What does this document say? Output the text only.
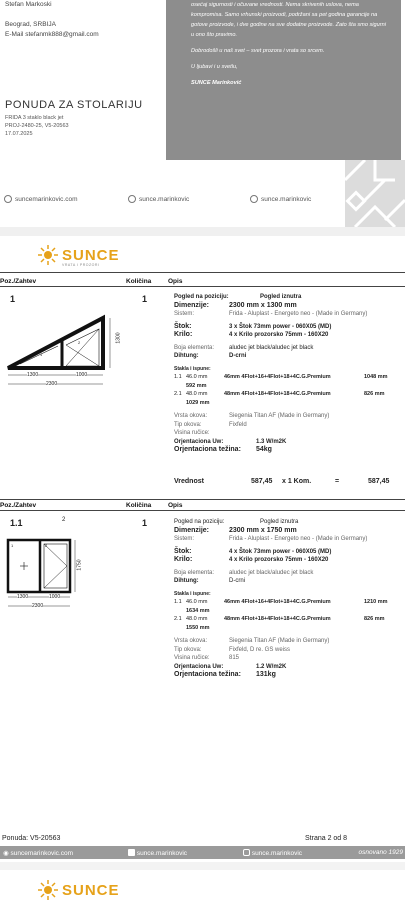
Stefan Markoski
Beograd, SRBIJA
E-Mail stefanmk888@gmail.com

osećaj sigurnosti i očuvane vrednosti. Nema skrivenih uslova, nema kompromisa. Samo vrhunski proizvodi, podržani sa pet godina garancije na gotove proizvode, i dve godine na sve dodatne proizvode. Zato šta smo sigurni u ono što pravimo.

Dobrodošli u naš svet – svet prozora i vrata so srcem.

U ljubavi i u svetlu,

SUNCE Marinković

PONUDA ZA STOLARIJU
FRIDA 3 staklo black jet
PROJ-2480-25, V5-20563
17.07.2025
suncemarinkovic.com	sunce.marinkovic	sunce.marinkovic
SUNCE
VRATA I PROZORI
Poz./Zahtev	Količina	Opis
1	1
1
2	1300
1300	1000
2300
Pogled na poziciju:	Pogled iznutra
Dimenzije:	2300 mm x 1300 mm
Sistem:	Frida - Aluplast - Energeto neo - (Made in Germany)
Štok:	3 x Štok 73mm power - 060X05 (MD)
Krilo:	4 x Krilo prozorsko 75mm - 160X20
Boja elementa:	aludec jet black/aludec jet black
Dihtung:	D-crni
Stakla i ispune:
1.1 46.0 mm	46mm 4Flot+16+4Flot+18+4C.G.Premium	1048 mm
592 mm
2.1 48.0 mm	48mm 4Flot+18+4Flot+18+4C.G.Premium	826 mm
1029 mm
Vrsta okova:	Siegenia Titan AF (Made in Germany)
Tip okova:	Fixfeld
Visina ručice:
Orjentaciona Uw:	1.3 W/m2K
Orjentaciona težina:	54kg
Vrednost	587,45 x 1 Kom.	=	587,45
Poz./Zahtev	Količina	Opis
1.1	2	1
1	2
1750
1300	1000
2300
Pogled na poziciju:	Pogled iznutra
Dimenzije:	2300 mm x 1750 mm
Sistem:	Frida - Aluplast - Energeto neo - (Made in Germany)
Štok:	4 x Štok 73mm power - 060X05 (MD)
Krilo:	4 x Krilo prozorsko 75mm - 160X20
Boja elementa:	aludec jet black/aludec jet black
Dihtung:	D-crni
Stakla i ispune:
1.1 46.0 mm	46mm 4Flot+16+4Flot+18+4C.G.Premium	1210 mm
1634 mm
2.1 48.0 mm	48mm 4Flot+18+4Flot+18+4C.G.Premium	826 mm
1550 mm
Vrsta okova:	Siegenia Titan AF (Made in Germany)
Tip okova:	Fixfeld, D re. GS weiss
Visina ručice:	815
Orjentaciona Uw:	1.2 W/m2K
Orjentaciona težina:	131kg
Ponuda: V5-20563	Strana 2 od 8
◉ suncemarinkovic.com	sunce.marinkovic	sunce.marinkovic	osnovano 1929
SUNCE
